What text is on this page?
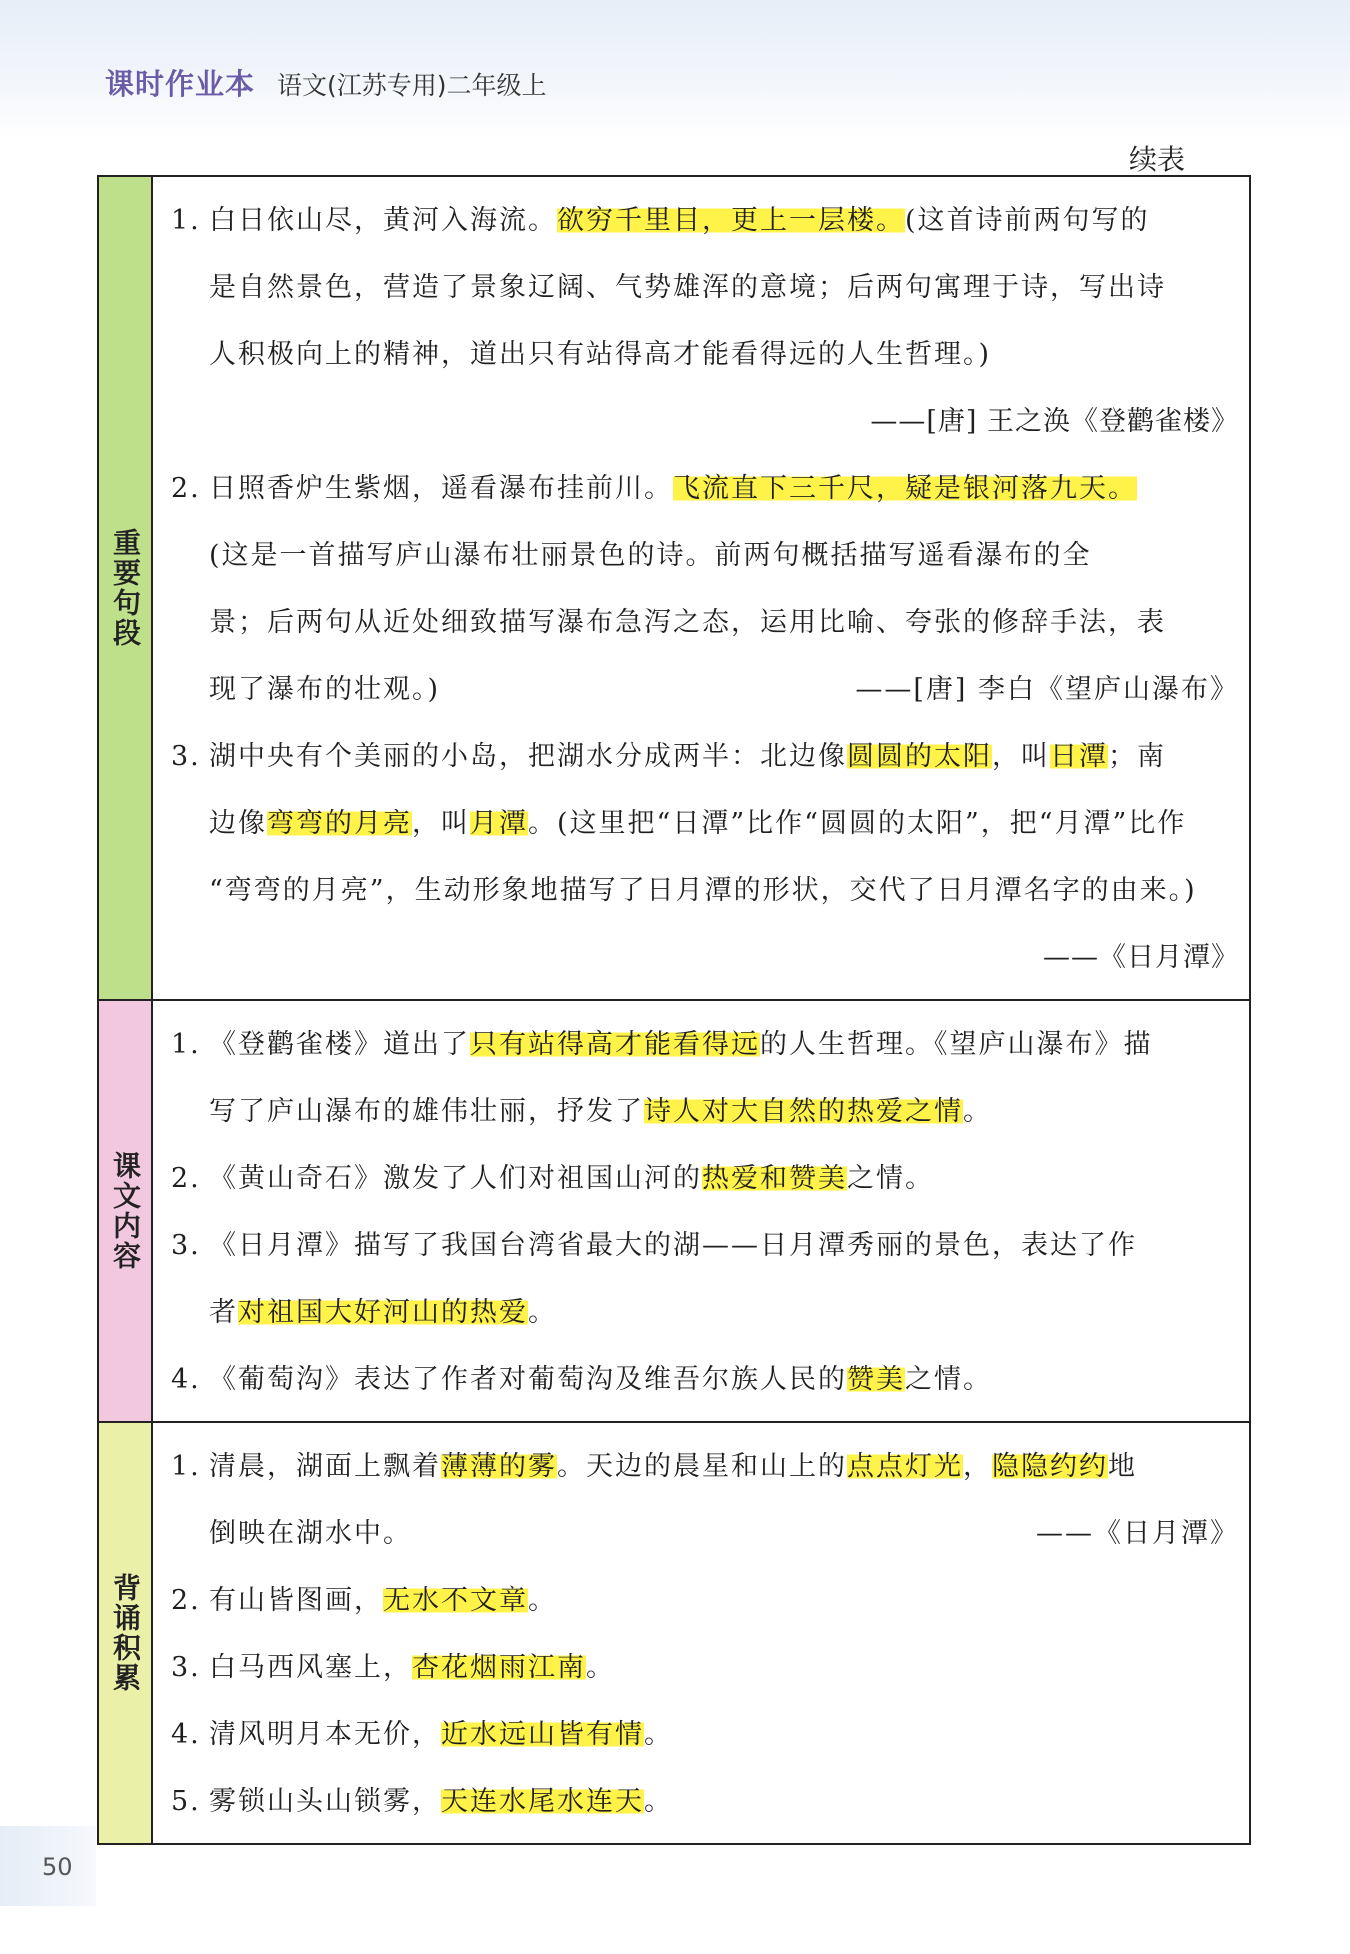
课时作业本 语文(江苏专用)二年级上
续表
重要句段
1. 白日依山尽，黄河入海流。欲穷千里目，更上一层楼。(这首诗前两句写的
是自然景色，营造了景象辽阔、气势雄浑的意境；后两句寓理于诗，写出诗
人积极向上的精神，道出只有站得高才能看得远的人生哲理。)
——[唐] 王之涣《登鹳雀楼》
2. 日照香炉生紫烟，遥看瀑布挂前川。飞流直下三千尺，疑是银河落九天。
(这是一首描写庐山瀑布壮丽景色的诗。前两句概括描写遥看瀑布的全
景；后两句从近处细致描写瀑布急泻之态，运用比喻、夸张的修辞手法，表
现了瀑布的壮观。)	——[唐] 李白《望庐山瀑布》
3. 湖中央有个美丽的小岛，把湖水分成两半：北边像圆圆的太阳，叫日潭；南
边像弯弯的月亮，叫月潭。(这里把“日潭”比作“圆圆的太阳”，把“月潭”比作
“弯弯的月亮”，生动形象地描写了日月潭的形状，交代了日月潭名字的由来。)
——《日月潭》
课文内容
1. 《登鹳雀楼》道出了只有站得高才能看得远的人生哲理。《望庐山瀑布》描
写了庐山瀑布的雄伟壮丽，抒发了诗人对大自然的热爱之情。
2. 《黄山奇石》激发了人们对祖国山河的热爱和赞美之情。
3. 《日月潭》描写了我国台湾省最大的湖——日月潭秀丽的景色，表达了作
者对祖国大好河山的热爱。
4. 《葡萄沟》表达了作者对葡萄沟及维吾尔族人民的赞美之情。
背诵积累
1. 清晨，湖面上飘着薄薄的雾。天边的晨星和山上的点点灯光，隐隐约约地
倒映在湖水中。	——《日月潭》
2. 有山皆图画，无水不文章。
3. 白马西风塞上，杏花烟雨江南。
4. 清风明月本无价，近水远山皆有情。
5. 雾锁山头山锁雾，天连水尾水连天。
50
